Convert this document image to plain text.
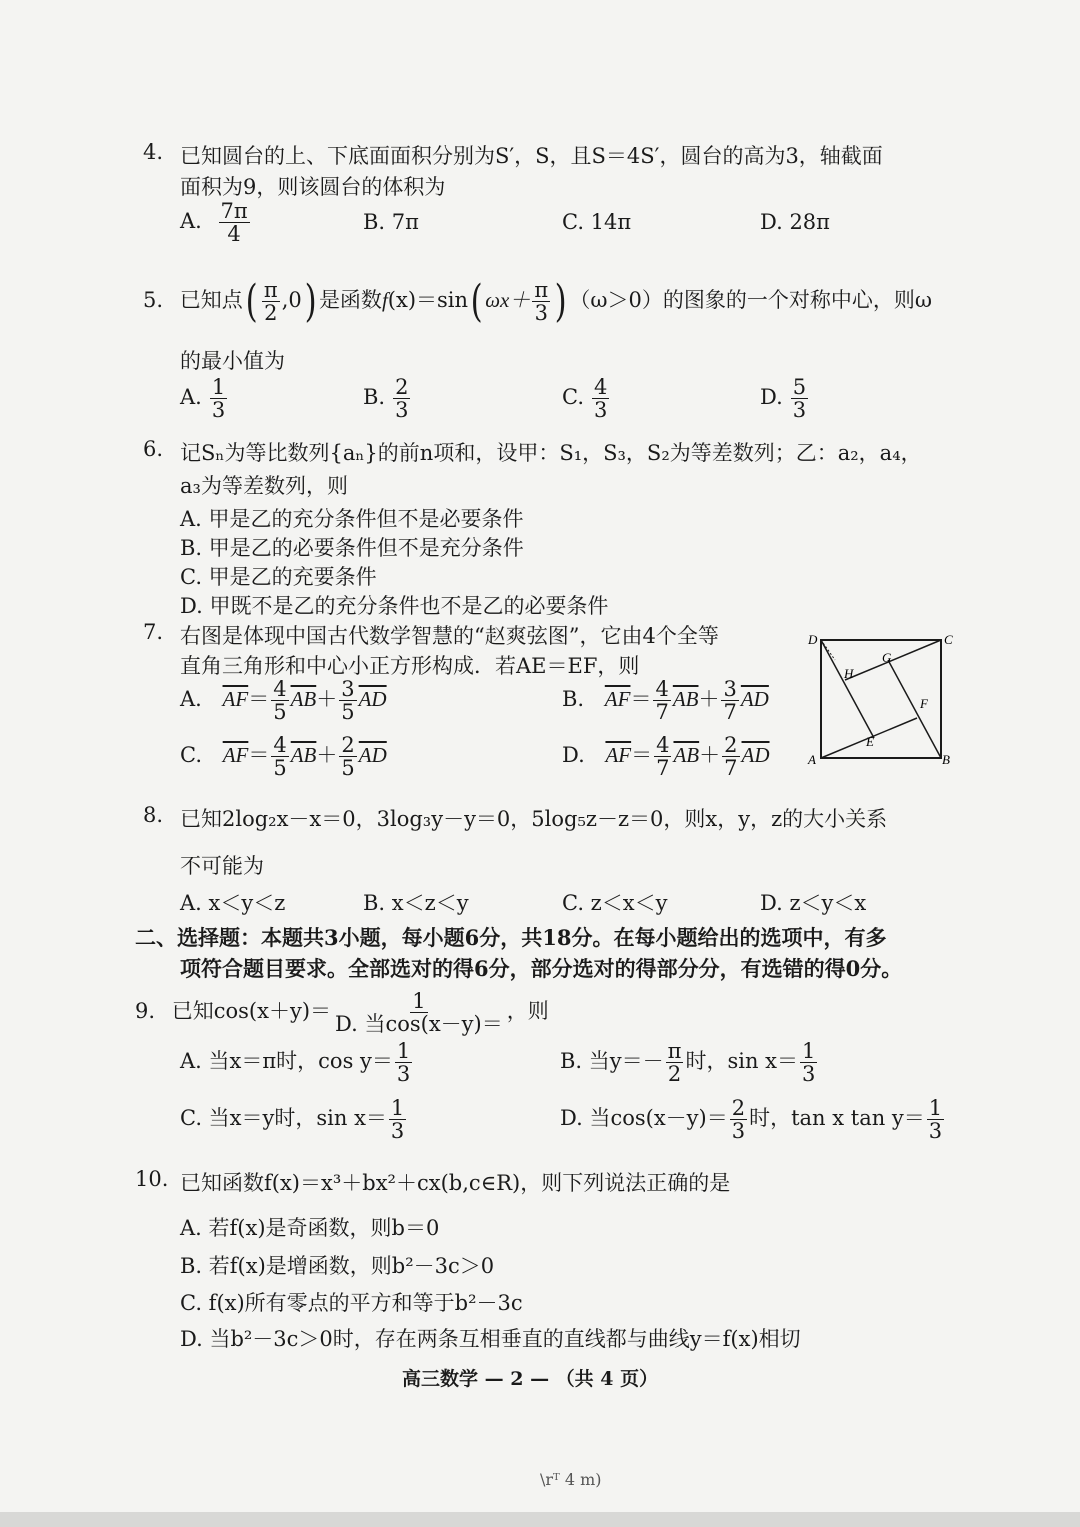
4. 已知圆台的上、下底面面积分别为S′，S，且S＝4S′，圆台的高为3，轴截面
面积为9，则该圆台的体积为
A. $\frac{7\pi}{4}$	B. 7π	C. 14π	D. 28π
5. 已知点( $\frac{\pi}{2} ,0$) 是函数f(x)＝sin( $\omega x+ \frac{\pi}{3}$ ) （ω＞0）的图象的一个对称中心，则ω
的最小值为
A. $\frac{1}{3}$	B. $\frac{2}{3}$	C. $\frac{4}{3}$	D. $\frac{5}{3}$
6. 记Sₙ为等比数列{aₙ}的前n项和，设甲：S₁，S₃，S₂为等差数列；乙：a₂，a₄，
a₃为等差数列，则
A. 甲是乙的充分条件但不是必要条件
B. 甲是乙的必要条件但不是充分条件
C. 甲是乙的充要条件
D. 甲既不是乙的充分条件也不是乙的必要条件
7. 右图是体现中国古代数学智慧的“赵爽弦图”，它由4个全等
直角三角形和中心小正方形构成．若AE＝EF，则
A. $\overline{AF}= \frac{4}{5} \overline{AB}+ \frac{3}{5} \overline{AD}$	B. $\overline{AF}= \frac{4}{7} \overline{AB}+ \frac{3}{7} \overline{AD}$
C. $\overline{AF}= \frac{4}{5} \overline{AB}+ \frac{2}{5} \overline{AD}$	D. $\overline{AF}= \frac{4}{7} \overline{AB}+ \frac{2}{7} \overline{AD}$
D	C
H
G
F
E
A	B
8. 已知2log₂x－x＝0，3log₃y－y＝0，5log₅z－z＝0，则x，y，z的大小关系
不可能为
A. x＜y＜z	B. x＜z＜y	C. z＜x＜y	D. z＜y＜x
二、选择题：本题共3小题，每小题6分，共18分。在每小题给出的选项中，有多
项符合题目要求。全部选对的得6分，部分选对的得部分分，有选错的得0分。
9. 已知$\cos(x+y)= \frac{1}{\text{D. 当cos(x－y)＝}}$ ，则
A. 当x＝π时，$\cos y= \frac{1}{3}$	B. 当$y=- \frac{\pi}{2}$ 时，$\sin x= \frac{1}{3}$
C. 当x＝y时，$\sin x= \frac{1}{3}$	D. 当$\cos(x-y)= \frac{2}{3}$ 时，tan x $\tan y= \frac{1}{3}$
10. 已知函数f(x)＝x³＋bx²＋cx(b,c∈R)，则下列说法正确的是
A. 若f(x)是奇函数，则b＝0
B. 若f(x)是增函数，则b²－3c＞0
C. f(x)所有零点的平方和等于b²－3c
D. 当b²－3c＞0时，存在两条互相垂直的直线都与曲线y＝f(x)相切
高三数学 — 2 — （共 4 页）
\rᵀ 4 m)
